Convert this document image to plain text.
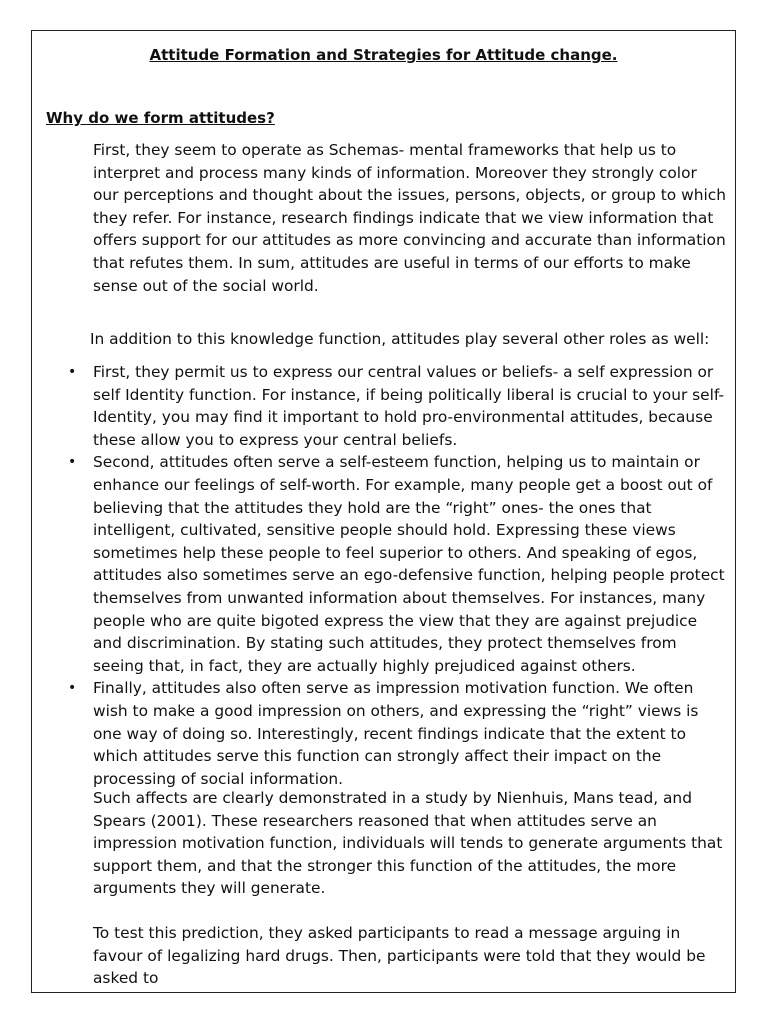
Attitude Formation and Strategies for Attitude change.
Why do we form attitudes?

First, they seem to operate as Schemas- mental frameworks that help us to interpret and process many kinds of information. Moreover they strongly color our perceptions and thought about the issues, persons, objects, or group to which they refer. For instance, research findings indicate that we view information that offers support for our attitudes as more convincing and accurate than information that refutes them. In sum, attitudes are useful in terms of our efforts to make sense out of the social world.

In addition to this knowledge function, attitudes play several other roles as well:

• First, they permit us to express our central values or beliefs- a self expression or self Identity function. For instance, if being politically liberal is crucial to your self-Identity, you may find it important to hold pro-environmental attitudes, because these allow you to express your central beliefs.
• Second, attitudes often serve a self-esteem function, helping us to maintain or enhance our feelings of self-worth. For example, many people get a boost out of believing that the attitudes they hold are the “right” ones- the ones that intelligent, cultivated, sensitive people should hold. Expressing these views sometimes help these people to feel superior to others. And speaking of egos, attitudes also sometimes serve an ego-defensive function, helping people protect themselves from unwanted information about themselves. For instances, many people who are quite bigoted express the view that they are against prejudice and discrimination. By stating such attitudes, they protect themselves from seeing that, in fact, they are actually highly prejudiced against others.
• Finally, attitudes also often serve as impression motivation function. We often wish to make a good impression on others, and expressing the “right” views is one way of doing so. Interestingly, recent findings indicate that the extent to which attitudes serve this function can strongly affect their impact on the processing of social information.

Such affects are clearly demonstrated in a study by Nienhuis, Mans tead, and Spears (2001). These researchers reasoned that when attitudes serve an impression motivation function, individuals will tends to generate arguments that support them, and that the stronger this function of the attitudes, the more arguments they will generate.

To test this prediction, they asked participants to read a message arguing in favour of legalizing hard drugs. Then, participants were told that they would be asked to
